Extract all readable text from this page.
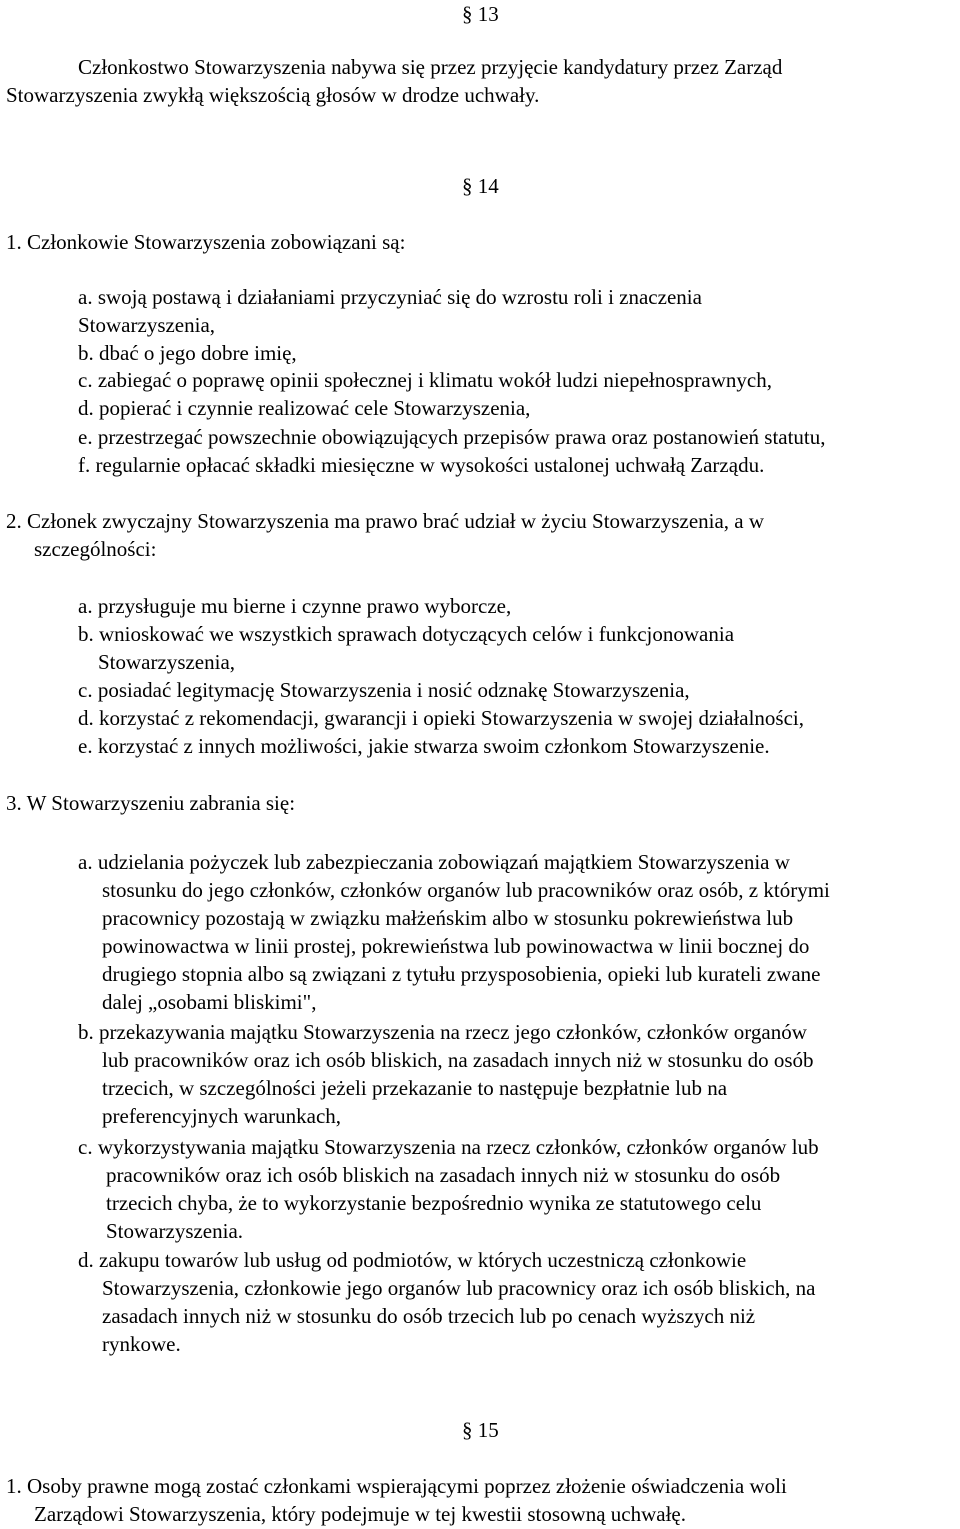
§ 13
Członkostwo Stowarzyszenia nabywa się przez przyjęcie kandydatury przez Zarząd
Stowarzyszenia zwykłą większością głosów w drodze uchwały.
§ 14
1. Członkowie Stowarzyszenia zobowiązani są:
a. swoją postawą i działaniami przyczyniać się do wzrostu roli i znaczenia
Stowarzyszenia,
b. dbać o jego dobre imię,
c. zabiegać o poprawę opinii społecznej i klimatu wokół ludzi niepełnosprawnych,
d. popierać i czynnie realizować cele Stowarzyszenia,
e. przestrzegać powszechnie obowiązujących przepisów prawa oraz postanowień statutu,
f. regularnie opłacać składki miesięczne w wysokości ustalonej uchwałą Zarządu.
2. Członek zwyczajny Stowarzyszenia ma prawo brać udział w życiu Stowarzyszenia, a w
szczególności:
a. przysługuje mu bierne i czynne prawo wyborcze,
b. wnioskować we wszystkich sprawach dotyczących celów i funkcjonowania
Stowarzyszenia,
c. posiadać legitymację Stowarzyszenia i nosić odznakę Stowarzyszenia,
d. korzystać z rekomendacji, gwarancji i opieki Stowarzyszenia w swojej działalności,
e. korzystać z innych możliwości, jakie stwarza swoim członkom Stowarzyszenie.
3. W Stowarzyszeniu zabrania się:
a. udzielania pożyczek lub zabezpieczania zobowiązań majątkiem Stowarzyszenia w
stosunku do jego członków, członków organów lub pracowników oraz osób, z którymi
pracownicy pozostają w związku małżeńskim albo w stosunku pokrewieństwa lub
powinowactwa w linii prostej, pokrewieństwa lub powinowactwa w linii bocznej do
drugiego stopnia albo są związani z tytułu przysposobienia, opieki lub kurateli zwane
dalej „osobami bliskimi",
b. przekazywania majątku Stowarzyszenia na rzecz jego członków, członków organów
lub pracowników oraz ich osób bliskich, na zasadach innych niż w stosunku do osób
trzecich, w szczególności jeżeli przekazanie to następuje bezpłatnie lub na
preferencyjnych warunkach,
c. wykorzystywania majątku Stowarzyszenia na rzecz członków, członków organów lub
pracowników oraz ich osób bliskich na zasadach innych niż w stosunku do osób
trzecich chyba, że to wykorzystanie bezpośrednio wynika ze statutowego celu
Stowarzyszenia.
d. zakupu towarów lub usług od podmiotów, w których uczestniczą członkowie
Stowarzyszenia, członkowie jego organów lub pracownicy oraz ich osób bliskich, na
zasadach innych niż w stosunku do osób trzecich lub po cenach wyższych niż
rynkowe.
§ 15
1. Osoby prawne mogą zostać członkami wspierającymi poprzez złożenie oświadczenia woli
Zarządowi Stowarzyszenia, który podejmuje w tej kwestii stosowną uchwałę.
